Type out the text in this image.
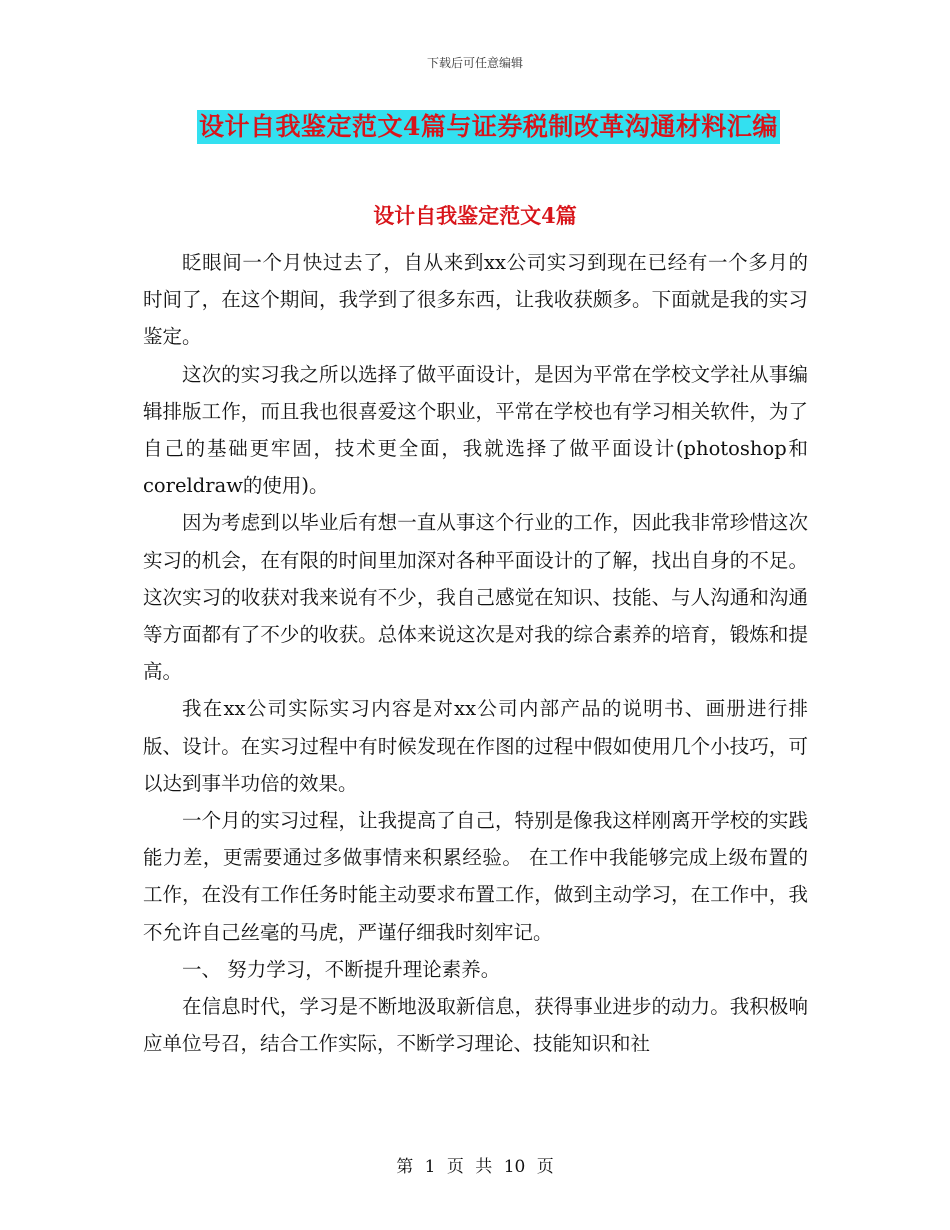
下载后可任意编辑
设计自我鉴定范文4篇与证券税制改革沟通材料汇编
设计自我鉴定范文4篇

眨眼间一个月快过去了，自从来到xx公司实习到现在已经有一个多月的时间了，在这个期间，我学到了很多东西，让我收获颇多。下面就是我的实习鉴定。

这次的实习我之所以选择了做平面设计，是因为平常在学校文学社从事编辑排版工作，而且我也很喜爱这个职业，平常在学校也有学习相关软件，为了自己的基础更牢固，技术更全面，我就选择了做平面设计(photoshop和coreldraw的使用)。

因为考虑到以毕业后有想一直从事这个行业的工作，因此我非常珍惜这次实习的机会，在有限的时间里加深对各种平面设计的了解，找出自身的不足。这次实习的收获对我来说有不少，我自己感觉在知识、技能、与人沟通和沟通等方面都有了不少的收获。总体来说这次是对我的综合素养的培育，锻炼和提高。

我在xx公司实际实习内容是对xx公司内部产品的说明书、画册进行排版、设计。在实习过程中有时候发现在作图的过程中假如使用几个小技巧，可以达到事半功倍的效果。

一个月的实习过程，让我提高了自己，特别是像我这样刚离开学校的实践能力差，更需要通过多做事情来积累经验。 在工作中我能够完成上级布置的工作，在没有工作任务时能主动要求布置工作，做到主动学习，在工作中，我不允许自己丝毫的马虎，严谨仔细我时刻牢记。

一、 努力学习，不断提升理论素养。

在信息时代，学习是不断地汲取新信息，获得事业进步的动力。我积极响应单位号召，结合工作实际，不断学习理论、技能知识和社

第 1 页 共 10 页
